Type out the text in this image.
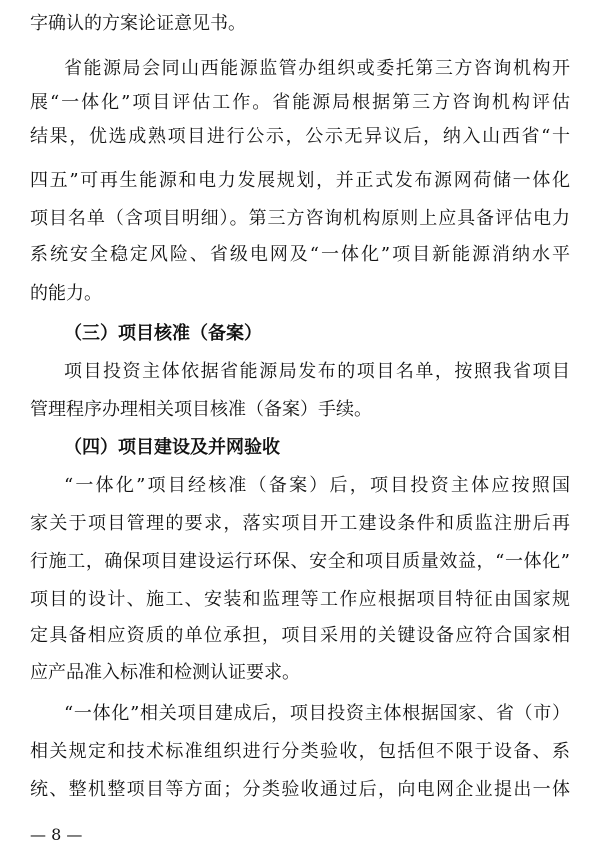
字确认的方案论证意见书。
省能源局会同山西能源监管办组织或委托第三方咨询机构开
展“一体化”项目评估工作。省能源局根据第三方咨询机构评估
结果，优选成熟项目进行公示，公示无异议后，纳入山西省“十
四五”可再生能源和电力发展规划，并正式发布源网荷储一体化
项目名单（含项目明细）。第三方咨询机构原则上应具备评估电力
系统安全稳定风险、省级电网及“一体化”项目新能源消纳水平
的能力。
（三）项目核准（备案）
项目投资主体依据省能源局发布的项目名单，按照我省项目
管理程序办理相关项目核准（备案）手续。
（四）项目建设及并网验收
“一体化”项目经核准（备案）后，项目投资主体应按照国
家关于项目管理的要求，落实项目开工建设条件和质监注册后再
行施工，确保项目建设运行环保、安全和项目质量效益，“一体化”
项目的设计、施工、安装和监理等工作应根据项目特征由国家规
定具备相应资质的单位承担，项目采用的关键设备应符合国家相
应产品准入标准和检测认证要求。
“一体化”相关项目建成后，项目投资主体根据国家、省（市）
相关规定和技术标准组织进行分类验收，包括但不限于设备、系
统、整机整项目等方面；分类验收通过后，向电网企业提出一体
— 8 —
